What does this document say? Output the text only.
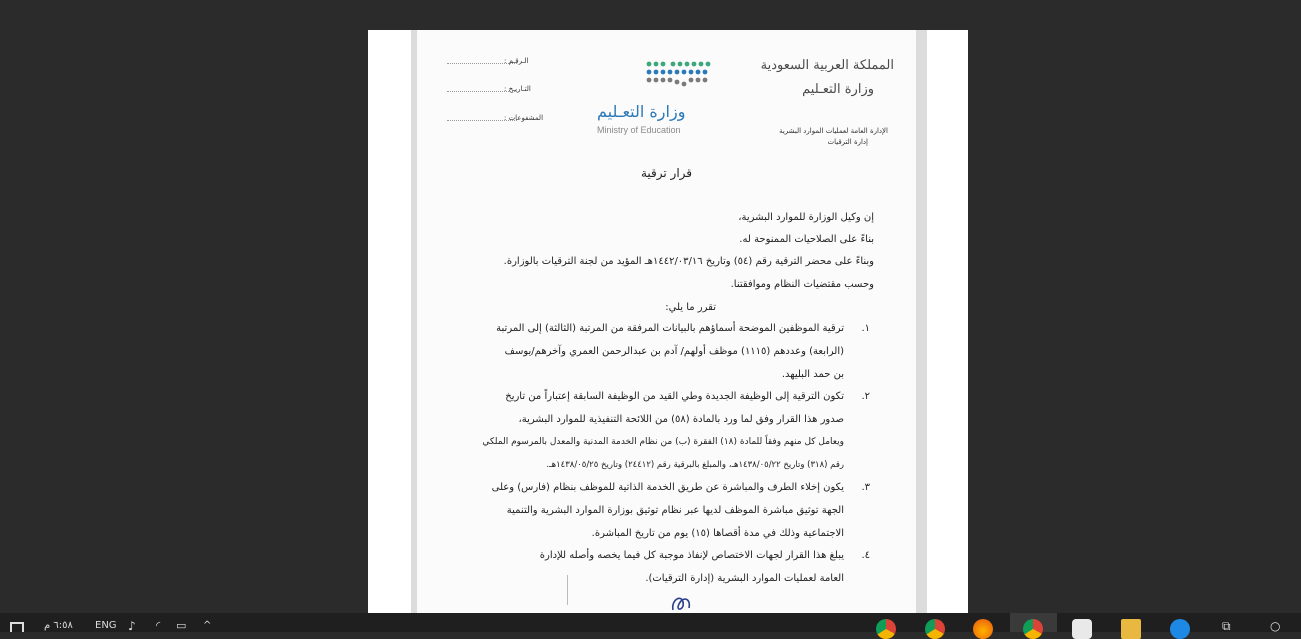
المملكة العربية السعودية
وزارة التعـليم
الإدارة العامة لعمليات الموارد البشرية
إدارة الترقيات
وزارة التعـليم
Ministry of Education
الـرقـم :
التـاريـخ :
المشفوعات :
قرار ترقية
إن وكيل الوزارة للموارد البشرية،
بناءً على الصلاحيات الممنوحة له.
وبناءً على محضر الترقية رقم (٥٤) وتاريخ ١٤٤٢/٠٣/١٦هـ المؤيد من لجنة الترقيات بالوزارة.
وحسب مقتضيات النظام وموافقتنا.
تقرر ما يلي:
١.
ترقية الموظفين الموضحة أسماؤهم بالبيانات المرفقة من المرتبة (الثالثة) إلى المرتبة
(الرابعة) وعددهم (١١١٥) موظف أولهم/ آدم بن عبدالرحمن العمري وآخرهم/يوسف
بن حمد البليهد.
٢.
تكون الترقية إلى الوظيفة الجديدة وطي القيد من الوظيفة السابقة إعتباراً من تاريخ
صدور هذا القرار وفق لما ورد بالمادة (٥٨) من اللائحة التنفيذية للموارد البشرية،
ويعامل كل منهم وفقاً للمادة (١٨) الفقرة (ب) من نظام الخدمة المدنية والمعدل بالمرسوم الملكي
رقم (٣١٨) وتاريخ ١٤٣٨/٠٥/٢٢هـ، والمبلغ بالبرقية رقم (٢٤٤١٢) وتاريخ ١٤٣٨/٠٥/٢٥هـ.
٣.
يكون إخلاء الطرف والمباشرة عن طريق الخدمة الذاتية للموظف بنظام (فارس) وعلى
الجهة توثيق مباشرة الموظف لديها عبر نظام توثيق بوزارة الموارد البشرية والتنمية
الاجتماعية وذلك في مدة أقصاها (١٥) يوم من تاريخ المباشرة.
٤.
يبلغ هذا القرار لجهات الاختصاص لإنفاذ موجبة كل فيما يخصه وأصله للإدارة
العامة لعمليات الموارد البشرية (إدارة الترقيات).
٦:٥٨ م	ENG ♪	◜	▭	^	⧉	○
